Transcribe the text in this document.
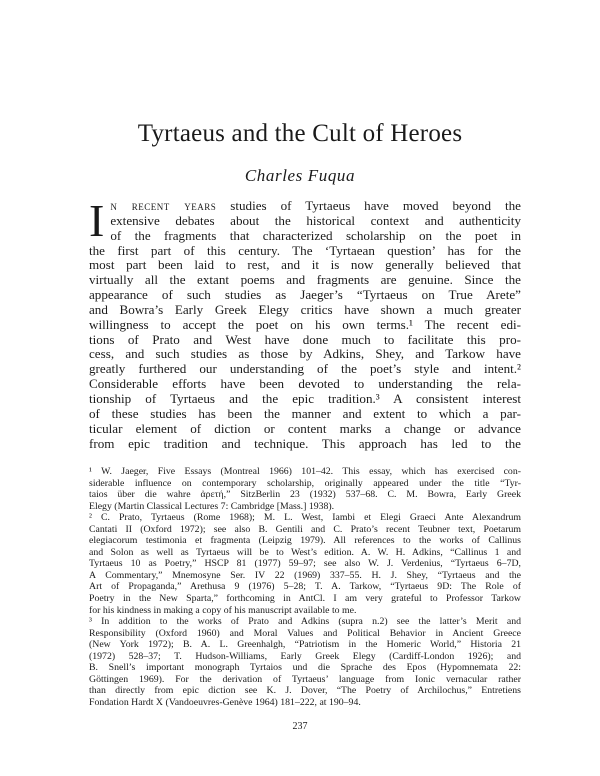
Tyrtaeus and the Cult of Heroes
Charles Fuqua
I n recent years studies of Tyrtaeus have moved beyond the
extensive debates about the historical context and authenticity
of the fragments that characterized scholarship on the poet in
the first part of this century. The ‘Tyrtaean question’ has for the
most part been laid to rest, and it is now generally believed that
virtually all the extant poems and fragments are genuine. Since the
appearance of such studies as Jaeger’s “Tyrtaeus on True Arete”
and Bowra’s Early Greek Elegy critics have shown a much greater
willingness to accept the poet on his own terms.¹ The recent edi-
tions of Prato and West have done much to facilitate this pro-
cess, and such studies as those by Adkins, Shey, and Tarkow have
greatly furthered our understanding of the poet’s style and intent.²
Considerable efforts have been devoted to understanding the rela-
tionship of Tyrtaeus and the epic tradition.³ A consistent interest
of these studies has been the manner and extent to which a par-
ticular element of diction or content marks a change or advance
from epic tradition and technique. This approach has led to the
¹ W. Jaeger, Five Essays (Montreal 1966) 101–42. This essay, which has exercised con-
siderable influence on contemporary scholarship, originally appeared under the title “Tyr-
taios über die wahre ἀρετή,” SitzBerlin 23 (1932) 537–68. C. M. Bowra, Early Greek
Elegy (Martin Classical Lectures 7: Cambridge [Mass.] 1938).
² C. Prato, Tyrtaeus (Rome 1968); M. L. West, Iambi et Elegi Graeci Ante Alexandrum
Cantati II (Oxford 1972); see also B. Gentili and C. Prato’s recent Teubner text, Poetarum
elegiacorum testimonia et fragmenta (Leipzig 1979). All references to the works of Callinus
and Solon as well as Tyrtaeus will be to West’s edition. A. W. H. Adkins, “Callinus 1 and
Tyrtaeus 10 as Poetry,” HSCP 81 (1977) 59–97; see also W. J. Verdenius, “Tyrtaeus 6–7D,
A Commentary,” Mnemosyne Ser. IV 22 (1969) 337–55. H. J. Shey, “Tyrtaeus and the
Art of Propaganda,” Arethusa 9 (1976) 5–28; T. A. Tarkow, “Tyrtaeus 9D: The Role of
Poetry in the New Sparta,” forthcoming in AntCl. I am very grateful to Professor Tarkow
for his kindness in making a copy of his manuscript available to me.
³ In addition to the works of Prato and Adkins (supra n.2) see the latter’s Merit and
Responsibility (Oxford 1960) and Moral Values and Political Behavior in Ancient Greece
(New York 1972); B. A. L. Greenhalgh, “Patriotism in the Homeric World,” Historia 21
(1972) 528–37; T. Hudson-Williams, Early Greek Elegy (Cardiff-London 1926); and
B. Snell’s important monograph Tyrtaios und die Sprache des Epos (Hypomnemata 22:
Göttingen 1969). For the derivation of Tyrtaeus’ language from Ionic vernacular rather
than directly from epic diction see K. J. Dover, “The Poetry of Archilochus,” Entretiens
Fondation Hardt X (Vandoeuvres-Genève 1964) 181–222, at 190–94.
237
